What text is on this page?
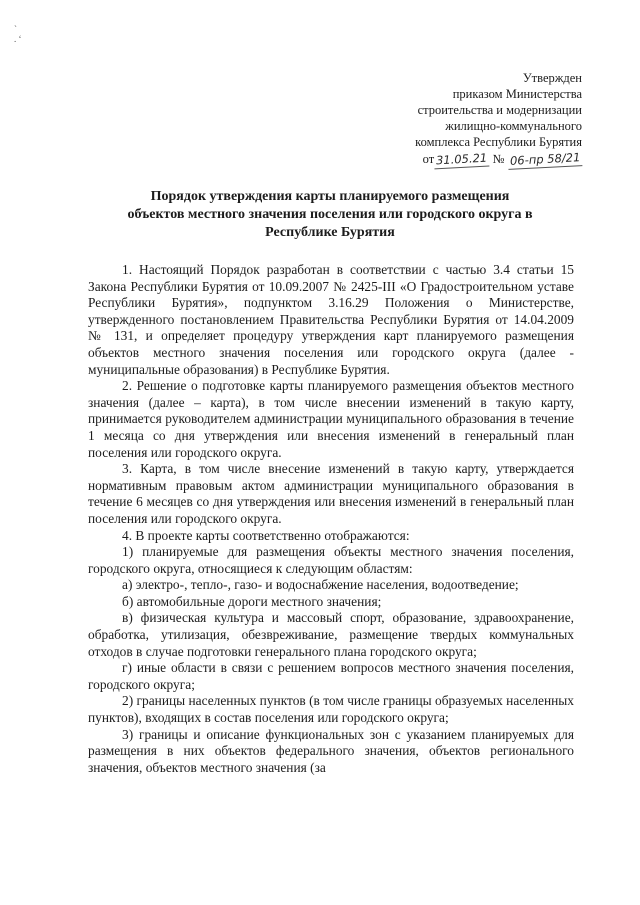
`
. ‘
Утвержден
приказом Министерства
строительства и модернизации
жилищно-коммунального
комплекса Республики Бурятия
от 31.05.21 № 06-пр 58/21
Порядок утверждения карты планируемого размещения
объектов местного значения поселения или городского округа в
Республике Бурятия

1. Настоящий Порядок разработан в соответствии с частью 3.4 статьи 15 Закона Республики Бурятия от 10.09.2007 № 2425-III «О Градостроительном уставе Республики Бурятия», подпунктом 3.16.29 Положения о Министерстве, утвержденного постановлением Правительства Республики Бурятия от 14.04.2009 № 131, и определяет процедуру утверждения карт планируемого размещения объектов местного значения поселения или городского округа (далее - муниципальные образования) в Республике Бурятия.

2. Решение о подготовке карты планируемого размещения объектов местного значения (далее – карта), в том числе внесении изменений в такую карту, принимается руководителем администрации муниципального образования в течение 1 месяца со дня утверждения или внесения изменений в генеральный план поселения или городского округа.

3. Карта, в том числе внесение изменений в такую карту, утверждается нормативным правовым актом администрации муниципального образования в течение 6 месяцев со дня утверждения или внесения изменений в генеральный план поселения или городского округа.

4. В проекте карты соответственно отображаются:

1) планируемые для размещения объекты местного значения поселения, городского округа, относящиеся к следующим областям:

а) электро-, тепло-, газо- и водоснабжение населения, водоотведение;

б) автомобильные дороги местного значения;

в) физическая культура и массовый спорт, образование, здравоохранение, обработка, утилизация, обезвреживание, размещение твердых коммунальных отходов в случае подготовки генерального плана городского округа;

г) иные области в связи с решением вопросов местного значения поселения, городского округа;

2) границы населенных пунктов (в том числе границы образуемых населенных пунктов), входящих в состав поселения или городского округа;

3) границы и описание функциональных зон с указанием планируемых для размещения в них объектов федерального значения, объектов регионального значения, объектов местного значения (за
